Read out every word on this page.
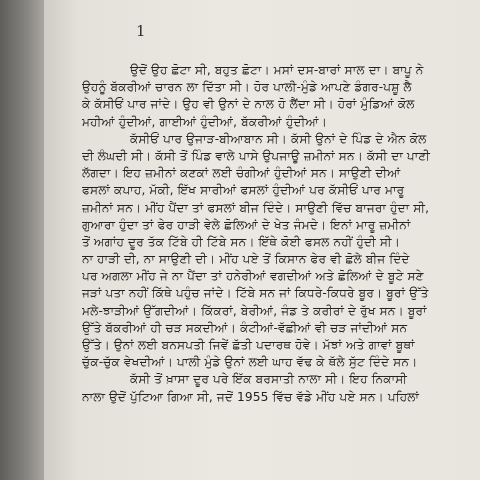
1
ਉਦੋਂ ਉਹ ਛੋਟਾ ਸੀ, ਬਹੁਤ ਛੋਟਾ। ਮਸਾਂ ਦਸ-ਬਾਰਾਂ ਸਾਲ ਦਾ। ਬਾਪੂ ਨੇ
ਉਹਨੂੰ ਬੱਕਰੀਆਂ ਚਾਰਨ ਲਾ ਦਿੱਤਾ ਸੀ। ਹੋਰ ਪਾਲੀ-ਮੁੰਡੇ ਆਪਣੇ ਡੰਗਰ-ਪਸ਼ੂ ਲੈ
ਕੇ ਕੱਸੀਓਂ ਪਾਰ ਜਾਂਦੇ। ਉਹ ਵੀ ਉਨਾਂ ਦੇ ਨਾਲ ਹੋ ਲੈਂਦਾ ਸੀ। ਹੋਰਾਂ ਮੁੰਡਿਆਂ ਕੋਲ
ਮਹੀਆਂ ਹੁੰਦੀਆਂ, ਗਾਈਆਂ ਹੁੰਦੀਆਂ, ਬੱਕਰੀਆਂ ਹੁੰਦੀਆਂ।
ਕੱਸੀਓਂ ਪਾਰ ਉਜਾੜ-ਬੀਆਬਾਨ ਸੀ। ਕੱਸੀ ਉਨਾਂ ਦੇ ਪਿੰਡ ਦੇ ਐਨ ਕੋਲ
ਦੀ ਲੰਘਦੀ ਸੀ। ਕੱਸੀ ਤੋਂ ਪਿੰਡ ਵਾਲੇ ਪਾਸੇ ਉਪਜਾਊ ਜ਼ਮੀਨਾਂ ਸਨ। ਕੱਸੀ ਦਾ ਪਾਣੀ
ਲੱਗਦਾ। ਇਹ ਜ਼ਮੀਨਾਂ ਕਣਕਾਂ ਲਈ ਚੰਗੀਆਂ ਹੁੰਦੀਆਂ ਸਨ। ਸਾਉਣੀ ਦੀਆਂ
ਫਸਲਾਂ ਕਪਾਹ, ਮੱਕੀ, ਇੱਖ ਸਾਰੀਆਂ ਫਸਲਾਂ ਹੁੰਦੀਆਂ ਪਰ ਕੱਸੀਓਂ ਪਾਰ ਮਾਰੂ
ਜ਼ਮੀਨਾਂ ਸਨ। ਮੀਂਹ ਪੈਂਦਾ ਤਾਂ ਫਸਲਾਂ ਬੀਜ ਦਿੰਦੇ। ਸਾਉਣੀ ਵਿੱਚ ਬਾਜਰਾ ਹੁੰਦਾ ਸੀ,
ਗੁਆਰਾ ਹੁੰਦਾ ਤਾਂ ਫੇਰ ਹਾੜੀ ਵੇਲੇ ਛੋਲਿਆਂ ਦੇ ਖੇਤ ਜੰਮਦੇ। ਇਨਾਂ ਮਾਰੂ ਜ਼ਮੀਨਾਂ
ਤੋਂ ਅਗਾਂਹ ਦੂਰ ਤੱਕ ਟਿੱਬੇ ਹੀ ਟਿੱਬੇ ਸਨ। ਇੱਥੇ ਕੋਈ ਫਸਲ ਨਹੀਂ ਹੁੰਦੀ ਸੀ।
ਨਾ ਹਾੜੀ ਦੀ, ਨਾ ਸਾਉਣੀ ਦੀ। ਮੀਂਹ ਪਏ ਤੋਂ ਕਿਸਾਨ ਫੇਰ ਵੀ ਛੋਲੇ ਬੀਜ ਦਿੰਦੇ
ਪਰ ਅਗਲਾ ਮੀਂਹ ਜੇ ਨਾ ਪੈਂਦਾ ਤਾਂ ਹਨੇਰੀਆਂ ਵਗਦੀਆਂ ਅਤੇ ਛੋਲਿਆਂ ਦੇ ਬੂਟੇ ਸਣੇ
ਜੜਾਂ ਪਤਾ ਨਹੀਂ ਕਿੱਥੇ ਪਹੁੰਚ ਜਾਂਦੇ। ਟਿੱਬੇ ਸਨ ਜਾਂ ਕਿਧਰੇ-ਕਿਧਰੇ ਬੂਰ। ਬੂਰਾਂ ਉੱਤੇ
ਮਲੇ-ਝਾੜੀਆਂ ਉੱਗਦੀਆਂ। ਕਿੱਕਰਾਂ, ਬੇਰੀਆਂ, ਜੰਡ ਤੇ ਕਰੀਰਾਂ ਦੇ ਰੁੱਖ ਸਨ। ਬੂਰਾਂ
ਉੱਤੇ ਬੱਕਰੀਆਂ ਹੀ ਚੜ ਸਕਦੀਆਂ। ਕੰਟੀਆਂ-ਵੱਛੀਆਂ ਵੀ ਚੜ ਜਾਂਦੀਆਂ ਸਨ
ਉੱਤੇ। ਉਨਾਂ ਲਈ ਬਨਸਪਤੀ ਜਿਵੇਂ ਛੱਤੀ ਪਦਾਰਥ ਹੋਵੇ। ਮੱਝਾਂ ਅਤੇ ਗਾਵਾਂ ਬੂਥਾਂ
ਚੁੱਕ-ਚੁੱਕ ਵੇਖਦੀਆਂ। ਪਾਲੀ ਮੁੰਡੇ ਉਨਾਂ ਲਈ ਘਾਹ ਵੱਢ ਕੇ ਥੱਲੇ ਸੁੱਟ ਦਿੰਦੇ ਸਨ।
ਕੱਸੀ ਤੋਂ ਖ਼ਾਸਾ ਦੂਰ ਪਰੇ ਇੱਕ ਬਰਸਾਤੀ ਨਾਲਾ ਸੀ। ਇਹ ਨਿਕਾਸੀ
ਨਾਲਾ ਉਦੋਂ ਪੁੱਟਿਆ ਗਿਆ ਸੀ, ਜਦੋਂ 1955 ਵਿੱਚ ਵੱਡੇ ਮੀਂਹ ਪਏ ਸਨ। ਪਹਿਲਾਂ
